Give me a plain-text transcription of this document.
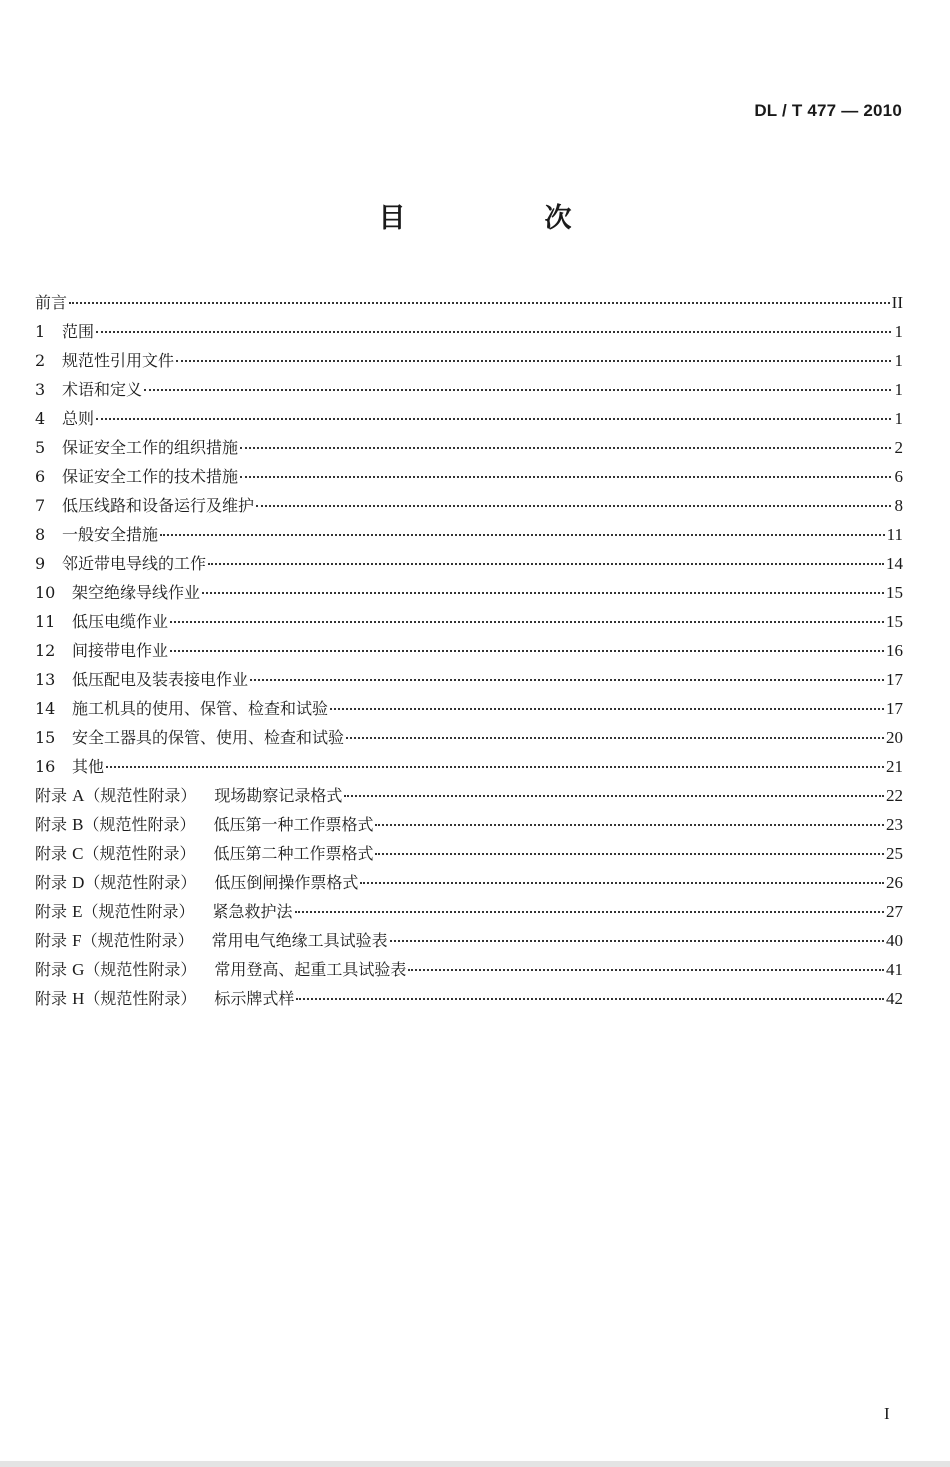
DL / T 477 — 2010
目　次
前言	II
1	范围	1
2	规范性引用文件	1
3	术语和定义	1
4	总则	1
5	保证安全工作的组织措施	2
6	保证安全工作的技术措施	6
7	低压线路和设备运行及维护	8
8	一般安全措施	11
9	邻近带电导线的工作	14
10	架空绝缘导线作业	15
11	低压电缆作业	15
12	间接带电作业	16
13	低压配电及装表接电作业	17
14	施工机具的使用、保管、检查和试验	17
15	安全工器具的保管、使用、检查和试验	20
16	其他	21
附录 A（规范性附录） 现场勘察记录格式	22
附录 B（规范性附录） 低压第一种工作票格式	23
附录 C（规范性附录） 低压第二种工作票格式	25
附录 D（规范性附录） 低压倒闸操作票格式	26
附录 E（规范性附录） 紧急救护法	27
附录 F（规范性附录） 常用电气绝缘工具试验表	40
附录 G（规范性附录） 常用登高、起重工具试验表	41
附录 H（规范性附录） 标示牌式样	42
I
